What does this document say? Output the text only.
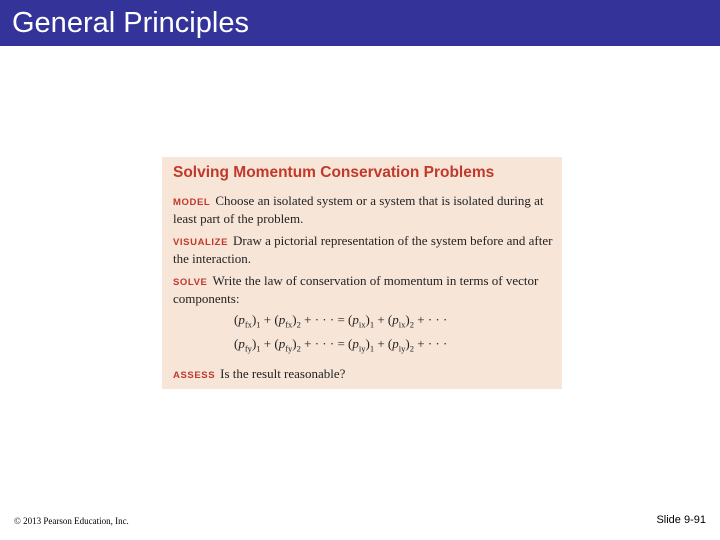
General Principles
Solving Momentum Conservation Problems
MODEL Choose an isolated system or a system that is isolated during at least part of the problem.
VISUALIZE Draw a pictorial representation of the system before and after the interaction.
SOLVE Write the law of conservation of momentum in terms of vector components:
$(p_{fx})_1 + (p_{fx})_2$ + · · · = $(p_{ix})_1 + (p_{ix})_2$ + · · ·
$(p_{fy})_1 + (p_{fy})_2$ + · · · = $(p_{iy})_1 + (p_{iy})_2$ + · · ·
ASSESS Is the result reasonable?
© 2013 Pearson Education, Inc.	Slide 9-91
